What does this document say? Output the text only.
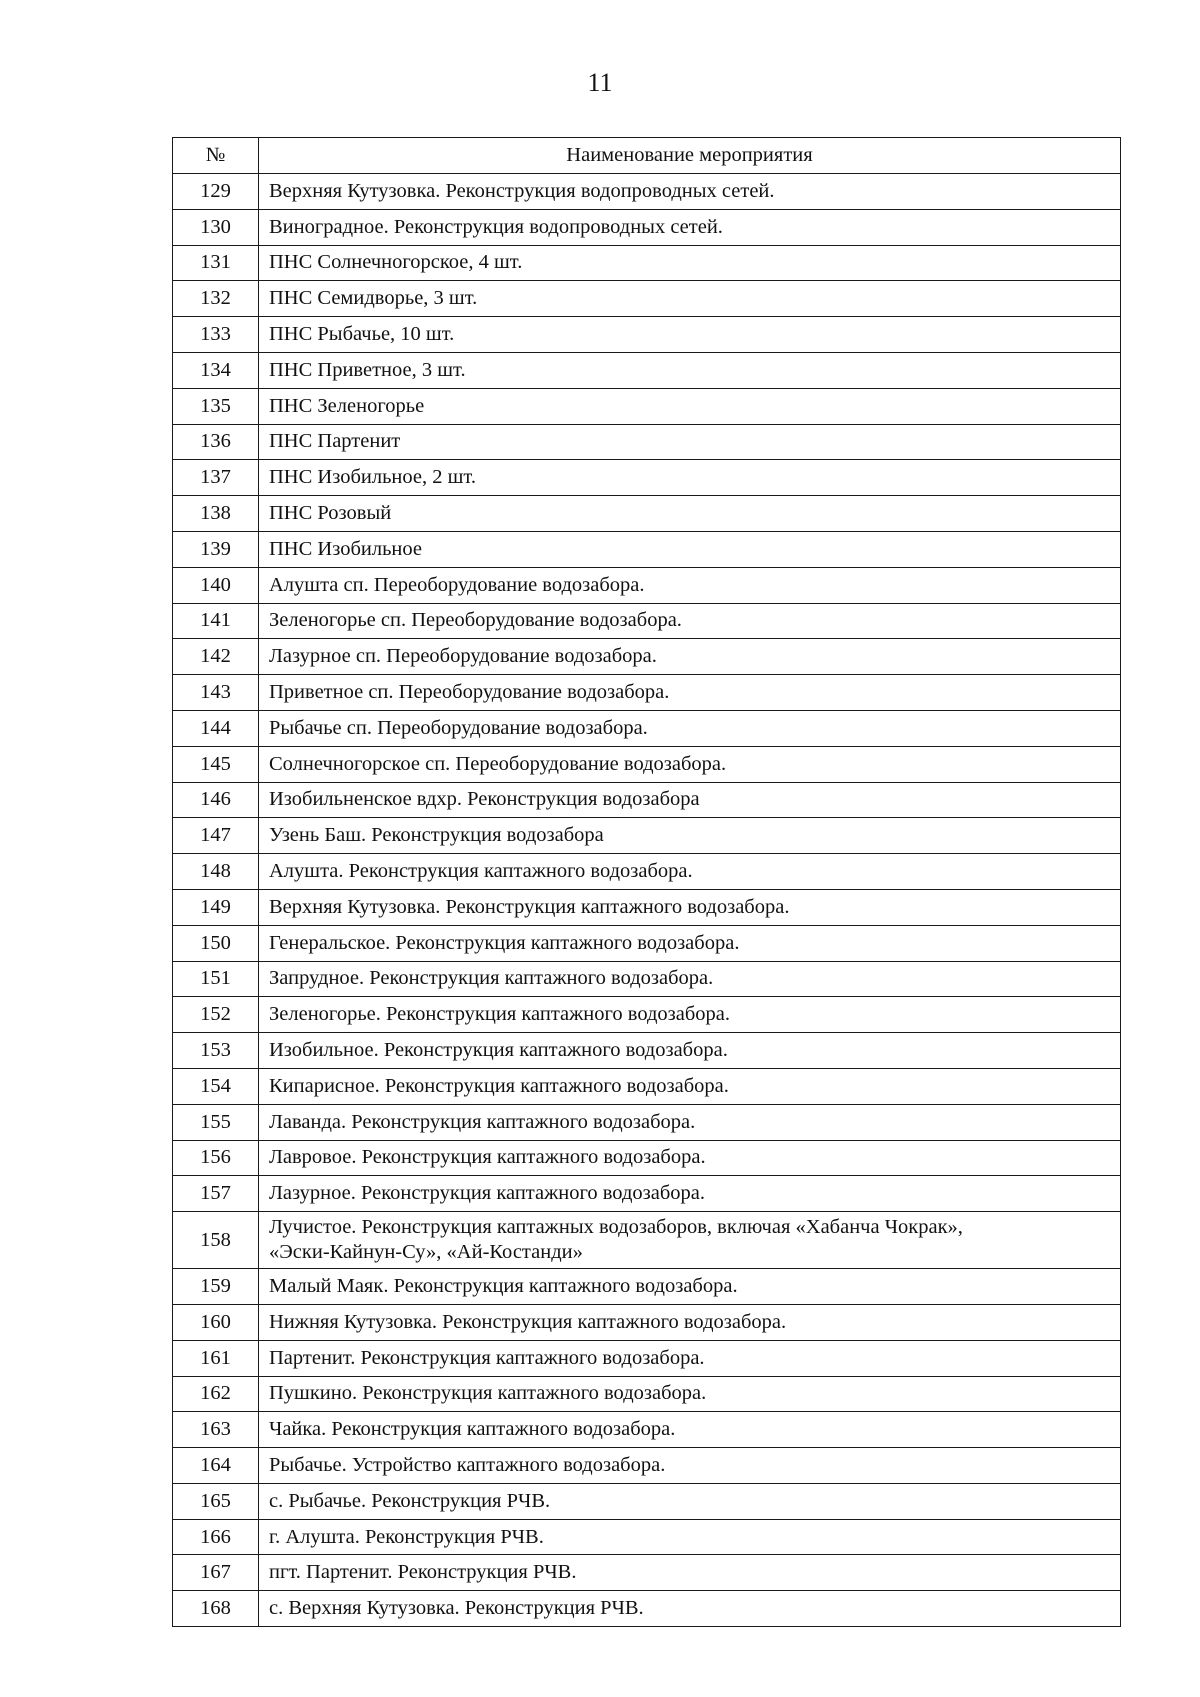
11
№	Наименование мероприятия
129	Верхняя Кутузовка. Реконструкция водопроводных сетей.
130	Виноградное. Реконструкция водопроводных сетей.
131	ПНС Солнечногорское, 4 шт.
132	ПНС Семидворье, 3 шт.
133	ПНС Рыбачье, 10 шт.
134	ПНС Приветное, 3 шт.
135	ПНС Зеленогорье
136	ПНС Партенит
137	ПНС Изобильное, 2 шт.
138	ПНС Розовый
139	ПНС Изобильное
140	Алушта сп. Переоборудование водозабора.
141	Зеленогорье сп. Переоборудование водозабора.
142	Лазурное сп. Переоборудование водозабора.
143	Приветное сп. Переоборудование водозабора.
144	Рыбачье сп. Переоборудование водозабора.
145	Солнечногорское сп. Переоборудование водозабора.
146	Изобильненское вдхр. Реконструкция водозабора
147	Узень Баш. Реконструкция водозабора
148	Алушта. Реконструкция каптажного водозабора.
149	Верхняя Кутузовка. Реконструкция каптажного водозабора.
150	Генеральское. Реконструкция каптажного водозабора.
151	Запрудное. Реконструкция каптажного водозабора.
152	Зеленогорье. Реконструкция каптажного водозабора.
153	Изобильное. Реконструкция каптажного водозабора.
154	Кипарисное. Реконструкция каптажного водозабора.
155	Лаванда. Реконструкция каптажного водозабора.
156	Лавровое. Реконструкция каптажного водозабора.
157	Лазурное. Реконструкция каптажного водозабора.
158	Лучистое. Реконструкция каптажных водозаборов, включая «Хабанча Чокрак»,
«Эски-Кайнун-Су», «Ай-Костанди»

159	Малый Маяк. Реконструкция каптажного водозабора.
160	Нижняя Кутузовка. Реконструкция каптажного водозабора.
161	Партенит. Реконструкция каптажного водозабора.
162	Пушкино. Реконструкция каптажного водозабора.
163	Чайка. Реконструкция каптажного водозабора.
164	Рыбачье. Устройство каптажного водозабора.
165	с. Рыбачье. Реконструкция РЧВ.
166	г. Алушта. Реконструкция РЧВ.
167	пгт. Партенит. Реконструкция РЧВ.
168	с. Верхняя Кутузовка. Реконструкция РЧВ.
